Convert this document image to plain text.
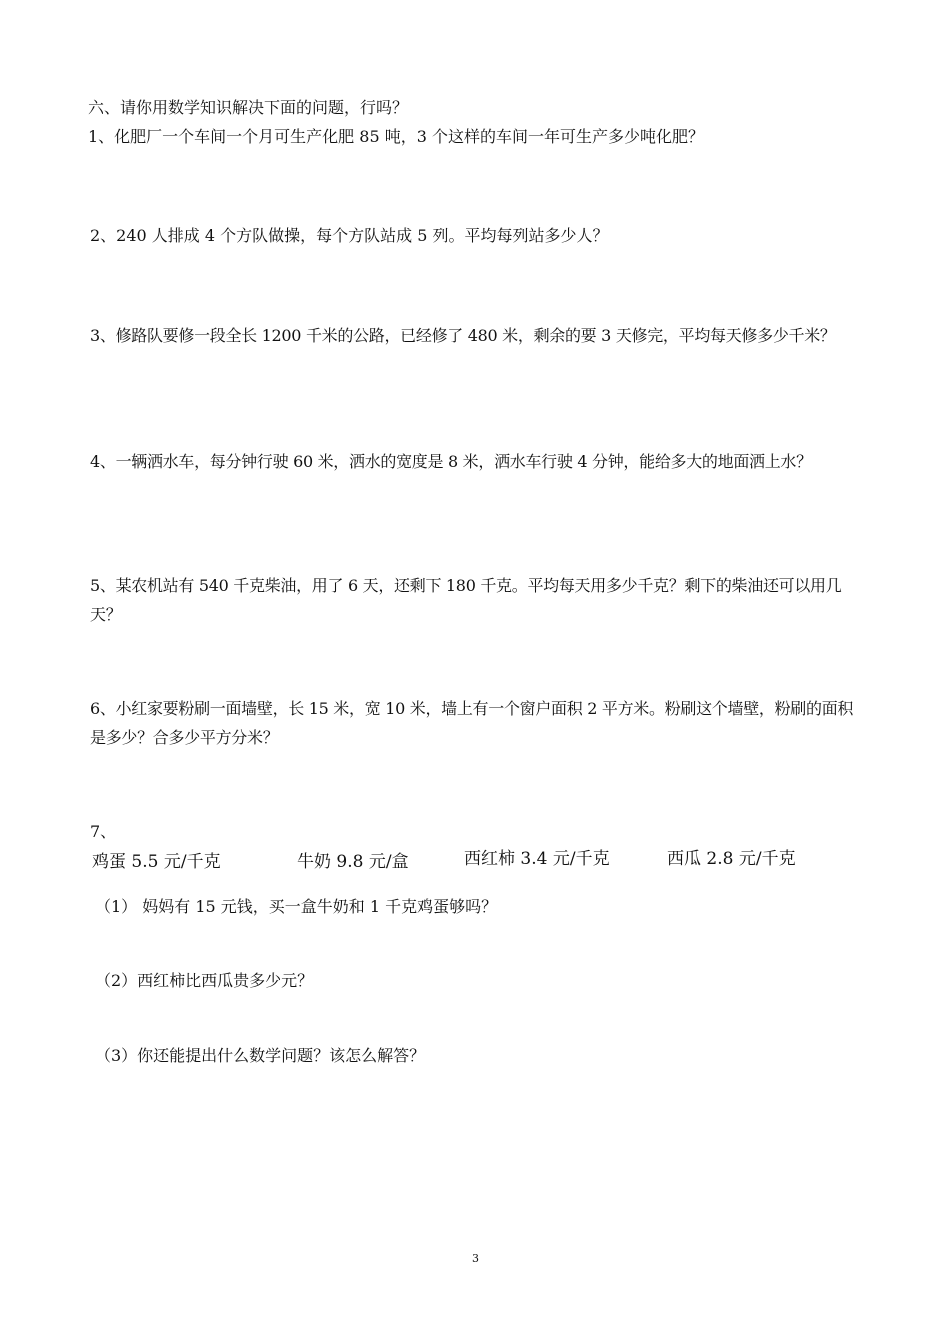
六、请你用数学知识解决下面的问题，行吗？
1、化肥厂一个车间一个月可生产化肥 85 吨，3 个这样的车间一年可生产多少吨化肥？
2、240 人排成 4 个方队做操，每个方队站成 5 列。平均每列站多少人？
3、修路队要修一段全长 1200 千米的公路，已经修了 480 米，剩余的要 3 天修完，平均每天修多少千米？
4、一辆洒水车，每分钟行驶 60 米，洒水的宽度是 8 米，洒水车行驶 4 分钟，能给多大的地面洒上水？
5、某农机站有 540 千克柴油，用了 6 天，还剩下 180 千克。平均每天用多少千克？剩下的柴油还可以用几天？
6、小红家要粉刷一面墙壁，长 15 米，宽 10 米，墙上有一个窗户面积 2 平方米。粉刷这个墙壁，粉刷的面积是多少？合多少平方分米？
7、
鸡蛋 5.5 元/千克	牛奶 9.8 元/盒	西红柿 3.4 元/千克	西瓜 2.8 元/千克
（1） 妈妈有 15 元钱，买一盒牛奶和 1 千克鸡蛋够吗？
（2）西红柿比西瓜贵多少元？
（3）你还能提出什么数学问题？该怎么解答？
3
